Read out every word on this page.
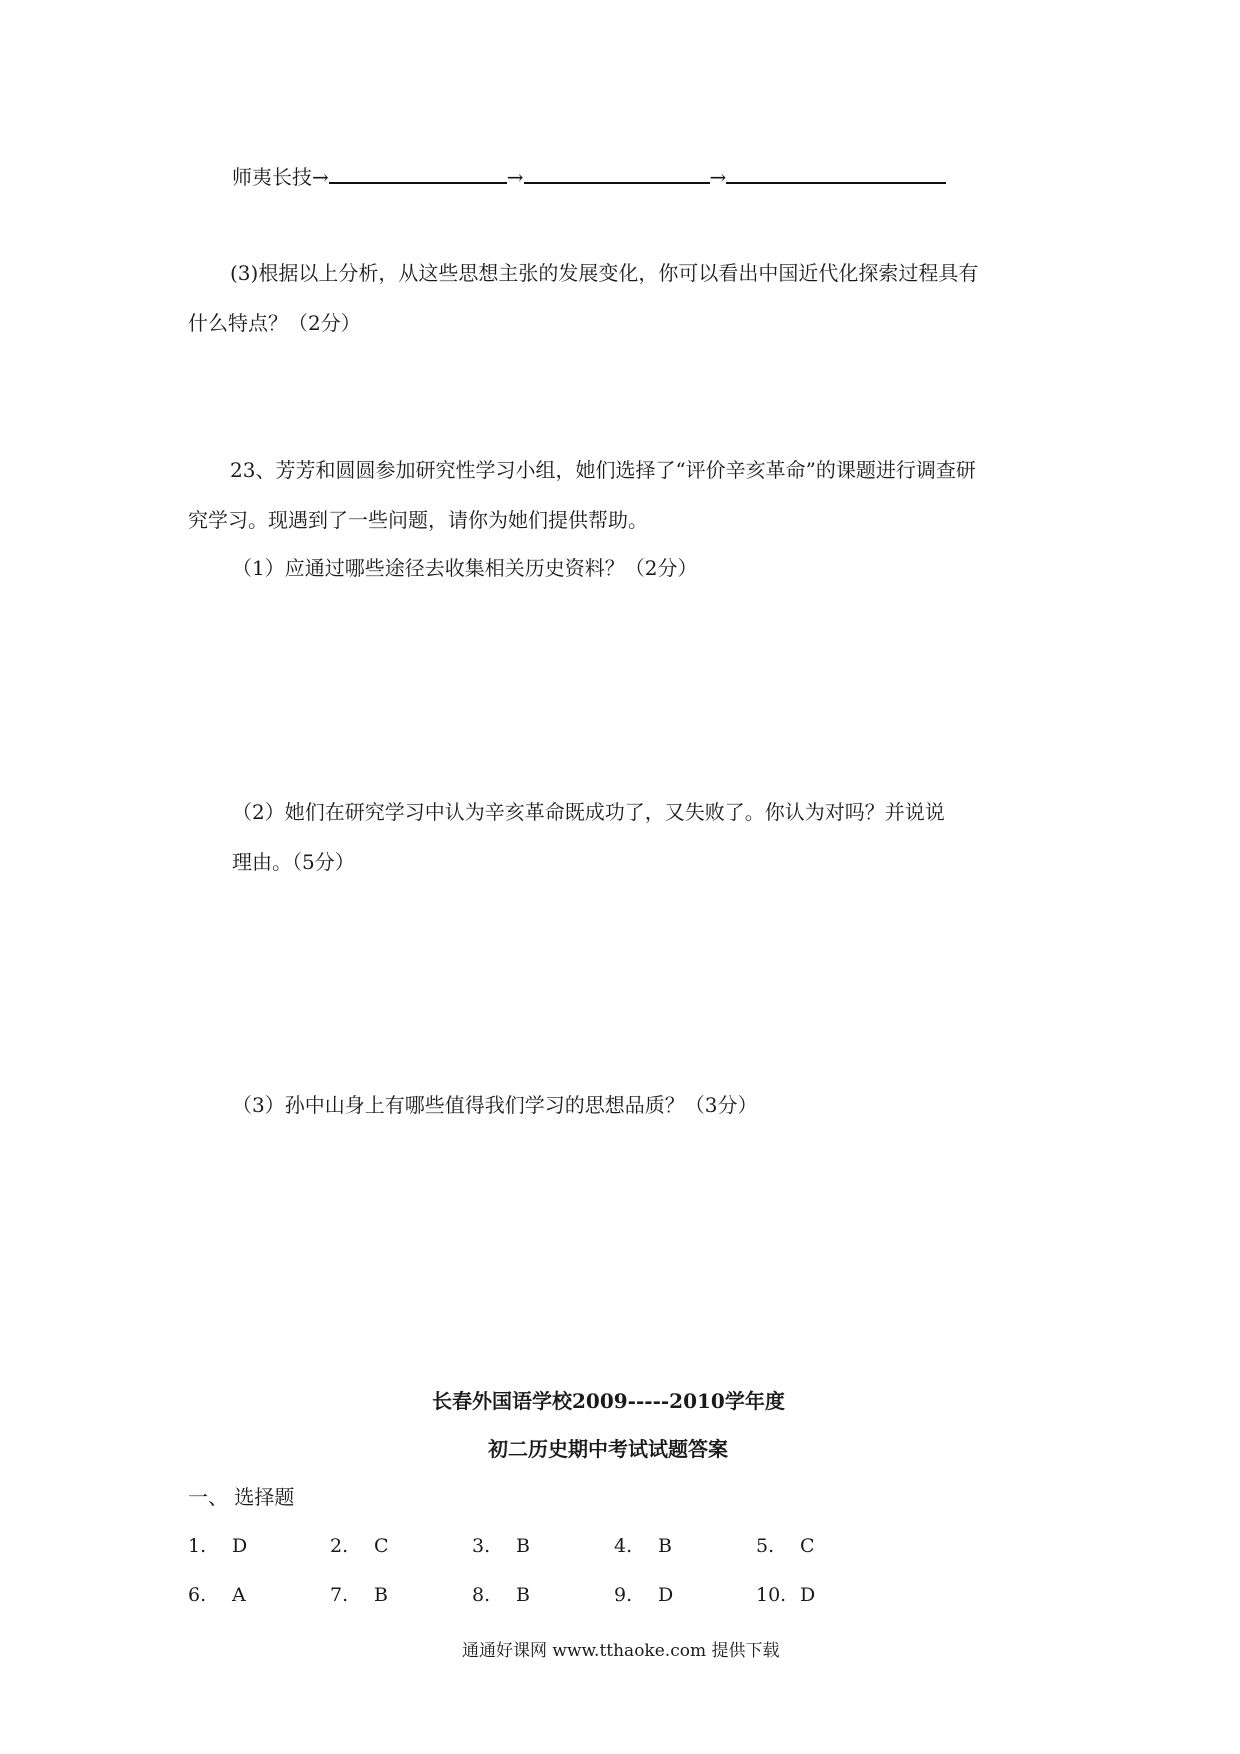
师夷长技→	→	→
(3)根据以上分析，从这些思想主张的发展变化，你可以看出中国近代化探索过程具有
什么特点？（2分）
23、芳芳和圆圆参加研究性学习小组，她们选择了“评价辛亥革命”的课题进行调查研
究学习。现遇到了一些问题，请你为她们提供帮助。
（1）应通过哪些途径去收集相关历史资料？（2分）
（2）她们在研究学习中认为辛亥革命既成功了，又失败了。你认为对吗？并说说
理由。（5分）
（3）孙中山身上有哪些值得我们学习的思想品质？（3分）
长春外国语学校2009-----2010学年度
初二历史期中考试试题答案
一、 选择题
1. D	2. C	3. B	4. B	5. C
6. A	7. B	8. B	9. D	10. D
通通好课网 www.tthaoke.com 提供下载
